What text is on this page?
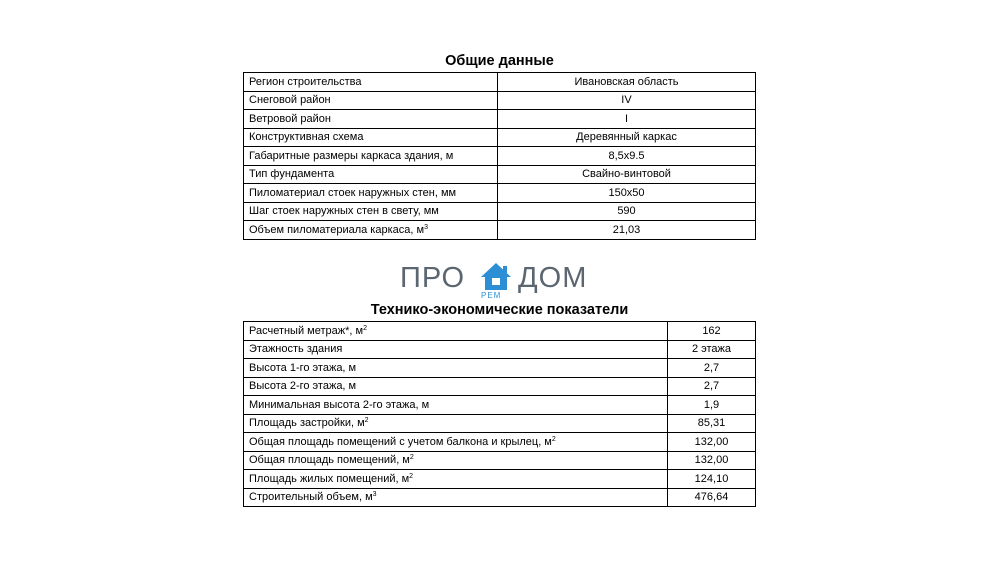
Общие данные
Регион строительства	Ивановская область
Снеговой район	IV
Ветровой район	I
Конструктивная схема	Деревянный каркас
Габаритные размеры каркаса здания, м	8,5x9.5
Тип фундамента	Свайно-винтовой
Пиломатериал стоек наружных стен, мм	150x50
Шаг стоек наружных стен в свету, мм	590
Объем пиломатериала каркаса, $м^3$	21,03
ПРО ДОМ
РЕМ
Технико-экономические показатели
Расчетный метраж*, $м^2$	162
Этажность здания	2 этажа
Высота 1-го этажа, м	2,7
Высота 2-го этажа, м	2,7
Минимальная высота 2-го этажа, м	1,9
Площадь застройки, $м^2$	85,31
Общая площадь помещений с учетом балкона и крылец, $м^2$	132,00
Общая площадь помещений, $м^2$	132,00
Площадь жилых помещений, $м^2$	124,10
Строительный объем, $м^3$	476,64
